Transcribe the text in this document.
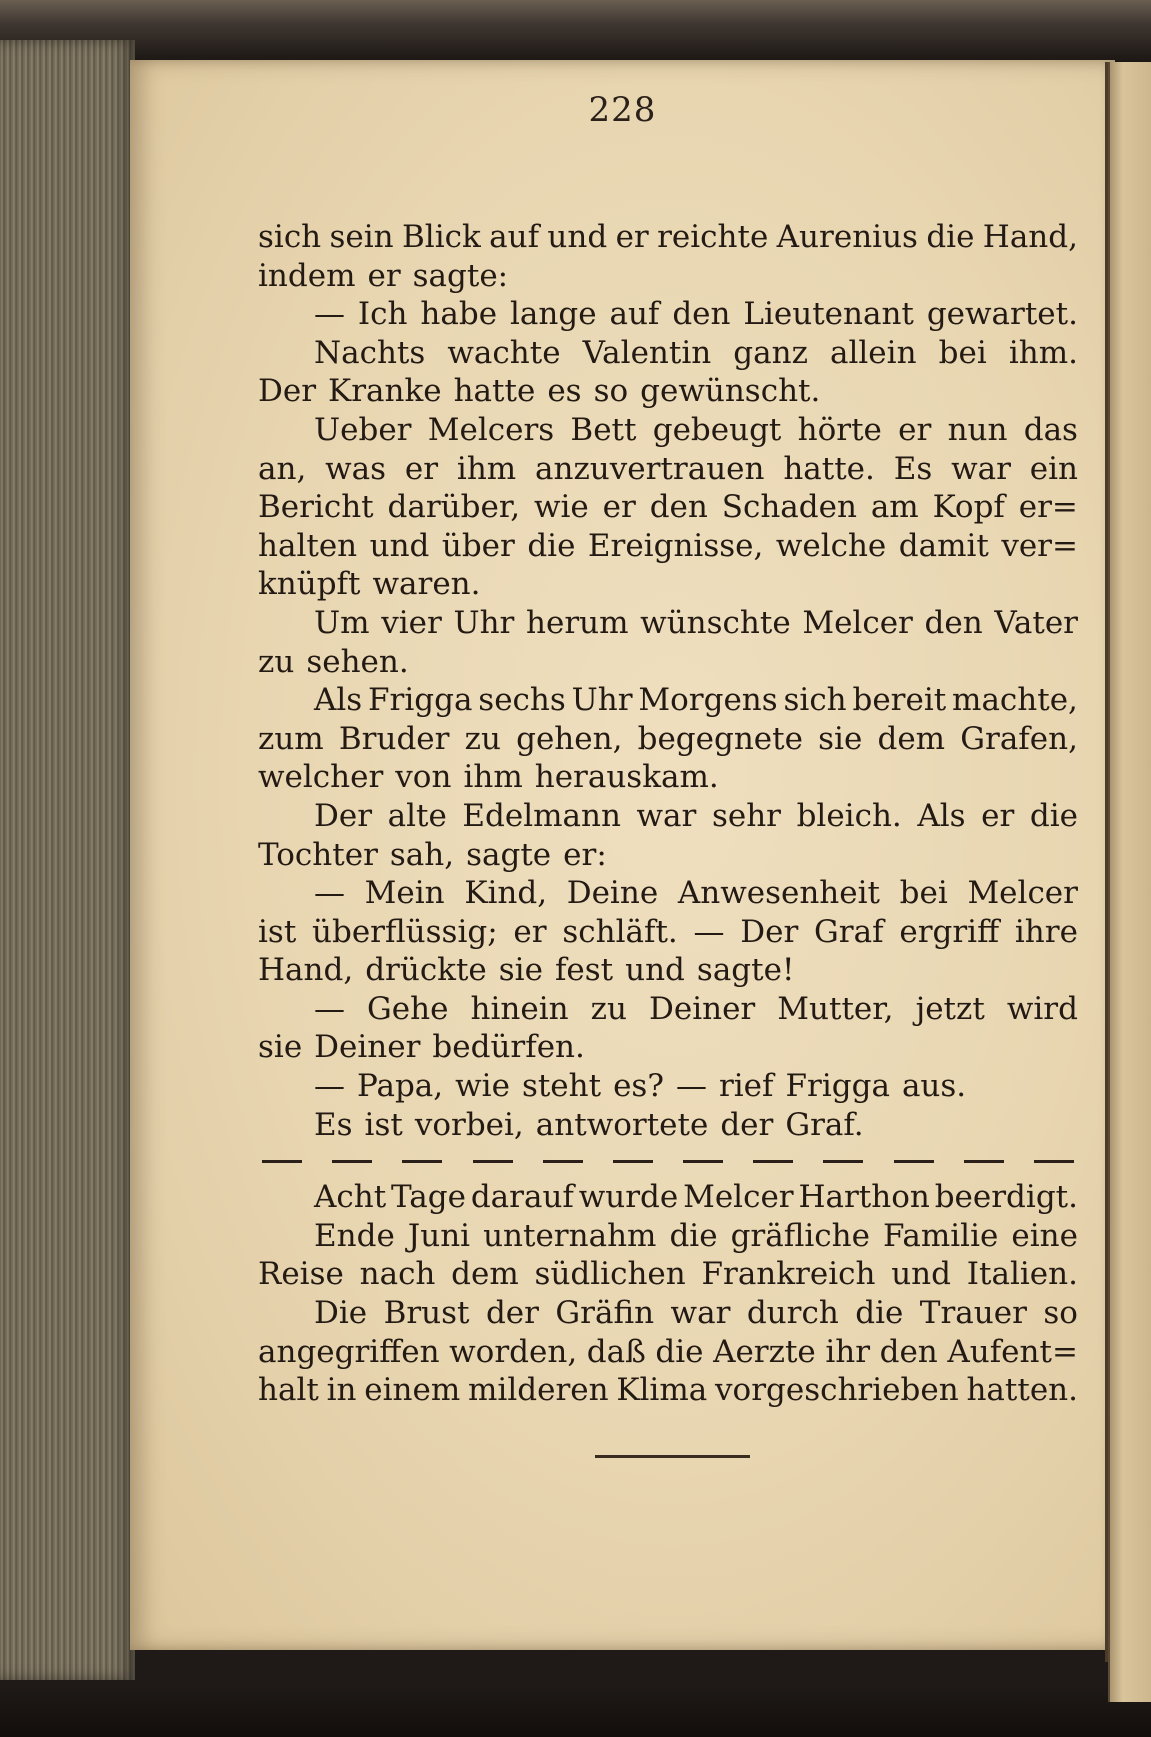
228
sich sein Blick auf und er reichte Aurenius die Hand,
indem er sagte:
— Ich habe lange auf den Lieutenant gewartet.
Nachts wachte Valentin ganz allein bei ihm.
Der Kranke hatte es so gewünscht.
Ueber Melcers Bett gebeugt hörte er nun das
an, was er ihm anzuvertrauen hatte. Es war ein
Bericht darüber, wie er den Schaden am Kopf er=
halten und über die Ereignisse, welche damit ver=
knüpft waren.
Um vier Uhr herum wünschte Melcer den Vater
zu sehen.
Als Frigga sechs Uhr Morgens sich bereit machte,
zum Bruder zu gehen, begegnete sie dem Grafen,
welcher von ihm herauskam.
Der alte Edelmann war sehr bleich. Als er die
Tochter sah, sagte er:
— Mein Kind, Deine Anwesenheit bei Melcer
ist überflüssig; er schläft. — Der Graf ergriff ihre
Hand, drückte sie fest und sagte!
— Gehe hinein zu Deiner Mutter, jetzt wird
sie Deiner bedürfen.
— Papa, wie steht es? — rief Frigga aus.
Es ist vorbei, antwortete der Graf.
Acht Tage darauf wurde Melcer Harthon beerdigt.
Ende Juni unternahm die gräfliche Familie eine
Reise nach dem südlichen Frankreich und Italien.
Die Brust der Gräfin war durch die Trauer so
angegriffen worden, daß die Aerzte ihr den Aufent=
halt in einem milderen Klima vorgeschrieben hatten.
